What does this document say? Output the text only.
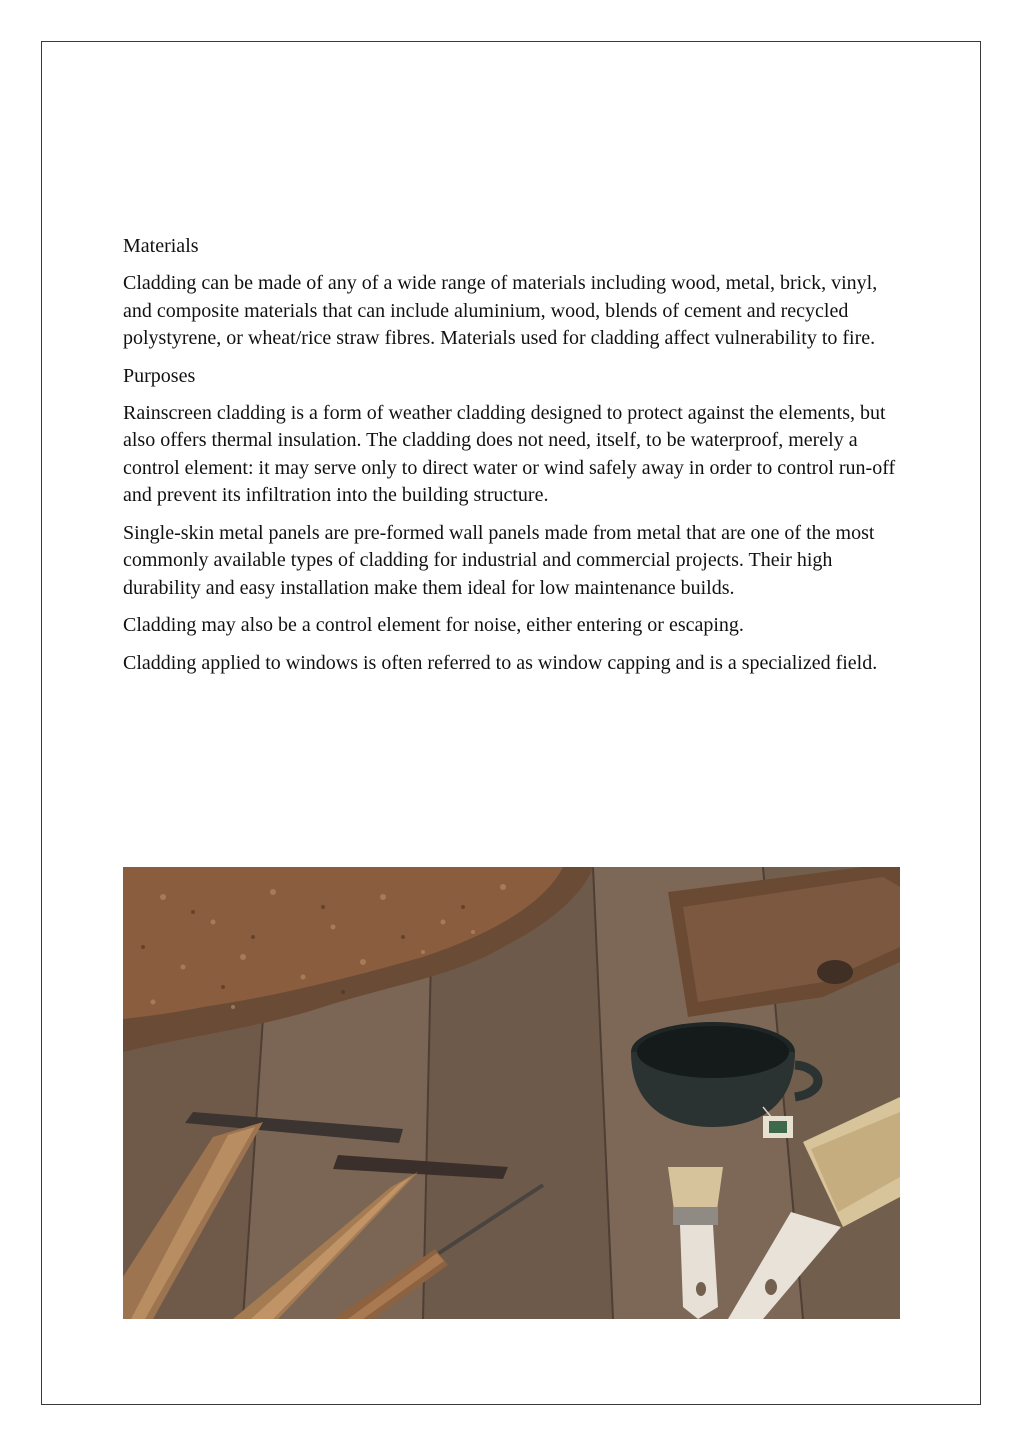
Materials

Cladding can be made of any of a wide range of materials including wood, metal, brick, vinyl, and composite materials that can include aluminium, wood, blends of cement and recycled polystyrene, or wheat/rice straw fibres. Materials used for cladding affect vulnerability to fire.

Purposes

Rainscreen cladding is a form of weather cladding designed to protect against the elements, but also offers thermal insulation. The cladding does not need, itself, to be waterproof, merely a control element: it may serve only to direct water or wind safely away in order to control run-off and prevent its infiltration into the building structure.

Single-skin metal panels are pre-formed wall panels made from metal that are one of the most commonly available types of cladding for industrial and commercial projects. Their high durability and easy installation make them ideal for low maintenance builds.

Cladding may also be a control element for noise, either entering or escaping.

Cladding applied to windows is often referred to as window capping and is a specialized field.
